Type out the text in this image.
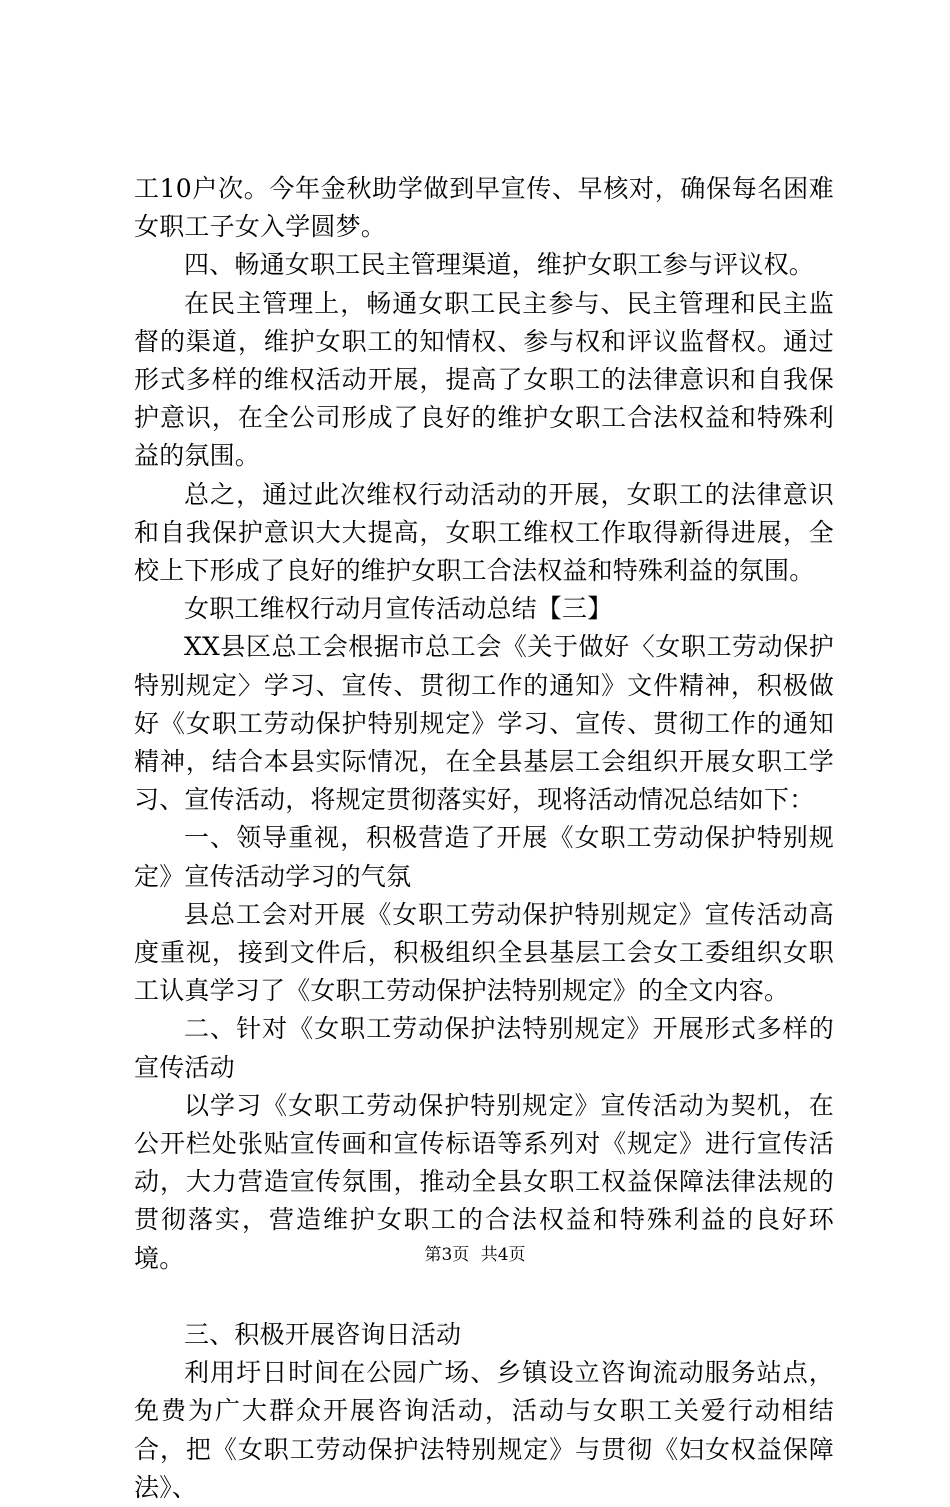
工10户次。今年金秋助学做到早宣传、早核对，确保每名困难女职工子女入学圆梦。

四、畅通女职工民主管理渠道，维护女职工参与评议权。

在民主管理上，畅通女职工民主参与、民主管理和民主监督的渠道，维护女职工的知情权、参与权和评议监督权。通过形式多样的维权活动开展，提高了女职工的法律意识和自我保护意识，在全公司形成了良好的维护女职工合法权益和特殊利益的氛围。

总之，通过此次维权行动活动的开展，女职工的法律意识和自我保护意识大大提高，女职工维权工作取得新得进展，全校上下形成了良好的维护女职工合法权益和特殊利益的氛围。

女职工维权行动月宣传活动总结【三】

XX县区总工会根据市总工会《关于做好〈女职工劳动保护特别规定〉学习、宣传、贯彻工作的通知》文件精神，积极做好《女职工劳动保护特别规定》学习、宣传、贯彻工作的通知精神，结合本县实际情况，在全县基层工会组织开展女职工学习、宣传活动，将规定贯彻落实好，现将活动情况总结如下：

一、领导重视，积极营造了开展《女职工劳动保护特别规定》宣传活动学习的气氛

县总工会对开展《女职工劳动保护特别规定》宣传活动高度重视，接到文件后，积极组织全县基层工会女工委组织女职工认真学习了《女职工劳动保护法特别规定》的全文内容。

二、针对《女职工劳动保护法特别规定》开展形式多样的宣传活动

以学习《女职工劳动保护特别规定》宣传活动为契机，在公开栏处张贴宣传画和宣传标语等系列对《规定》进行宣传活动，大力营造宣传氛围，推动全县女职工权益保障法律法规的贯彻落实，营造维护女职工的合法权益和特殊利益的良好环境。

三、积极开展咨询日活动

利用圩日时间在公园广场、乡镇设立咨询流动服务站点，免费为广大群众开展咨询活动，活动与女职工关爱行动相结合，把《女职工劳动保护法特别规定》与贯彻《妇女权益保障法》、

第3页 共4页
